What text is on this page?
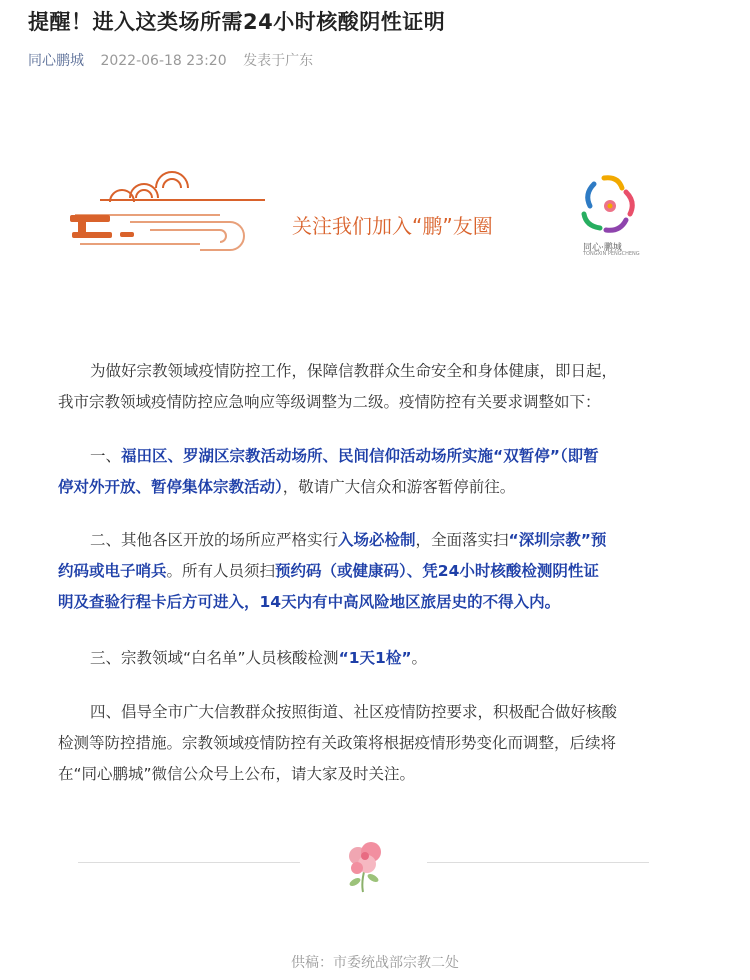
提醒！进入这类场所需24小时核酸阴性证明
同心鹏城 2022-06-18 23:20 发表于广东
关注我们加入“鹏”友圈
同心·鹏城
TONGXIN PENGCHENG

为做好宗教领域疫情防控工作，保障信教群众生命安全和身体健康，即日起，
我市宗教领域疫情防控应急响应等级调整为二级。疫情防控有关要求调整如下：

一、福田区、罗湖区宗教活动场所、民间信仰活动场所实施“双暂停”（即暂
停对外开放、暂停集体宗教活动），敬请广大信众和游客暂停前往。

二、其他各区开放的场所应严格实行入场必检制，全面落实扫“深圳宗教”预
约码或电子哨兵。所有人员须扫预约码（或健康码）、凭24小时核酸检测阴性证
明及查验行程卡后方可进入，14天内有中高风险地区旅居史的不得入内。

三、宗教领域“白名单”人员核酸检测“1天1检”。

四、倡导全市广大信教群众按照街道、社区疫情防控要求，积极配合做好核酸
检测等防控措施。宗教领域疫情防控有关政策将根据疫情形势变化而调整，后续将
在“同心鹏城”微信公众号上公布，请大家及时关注。

供稿：市委统战部宗教二处
